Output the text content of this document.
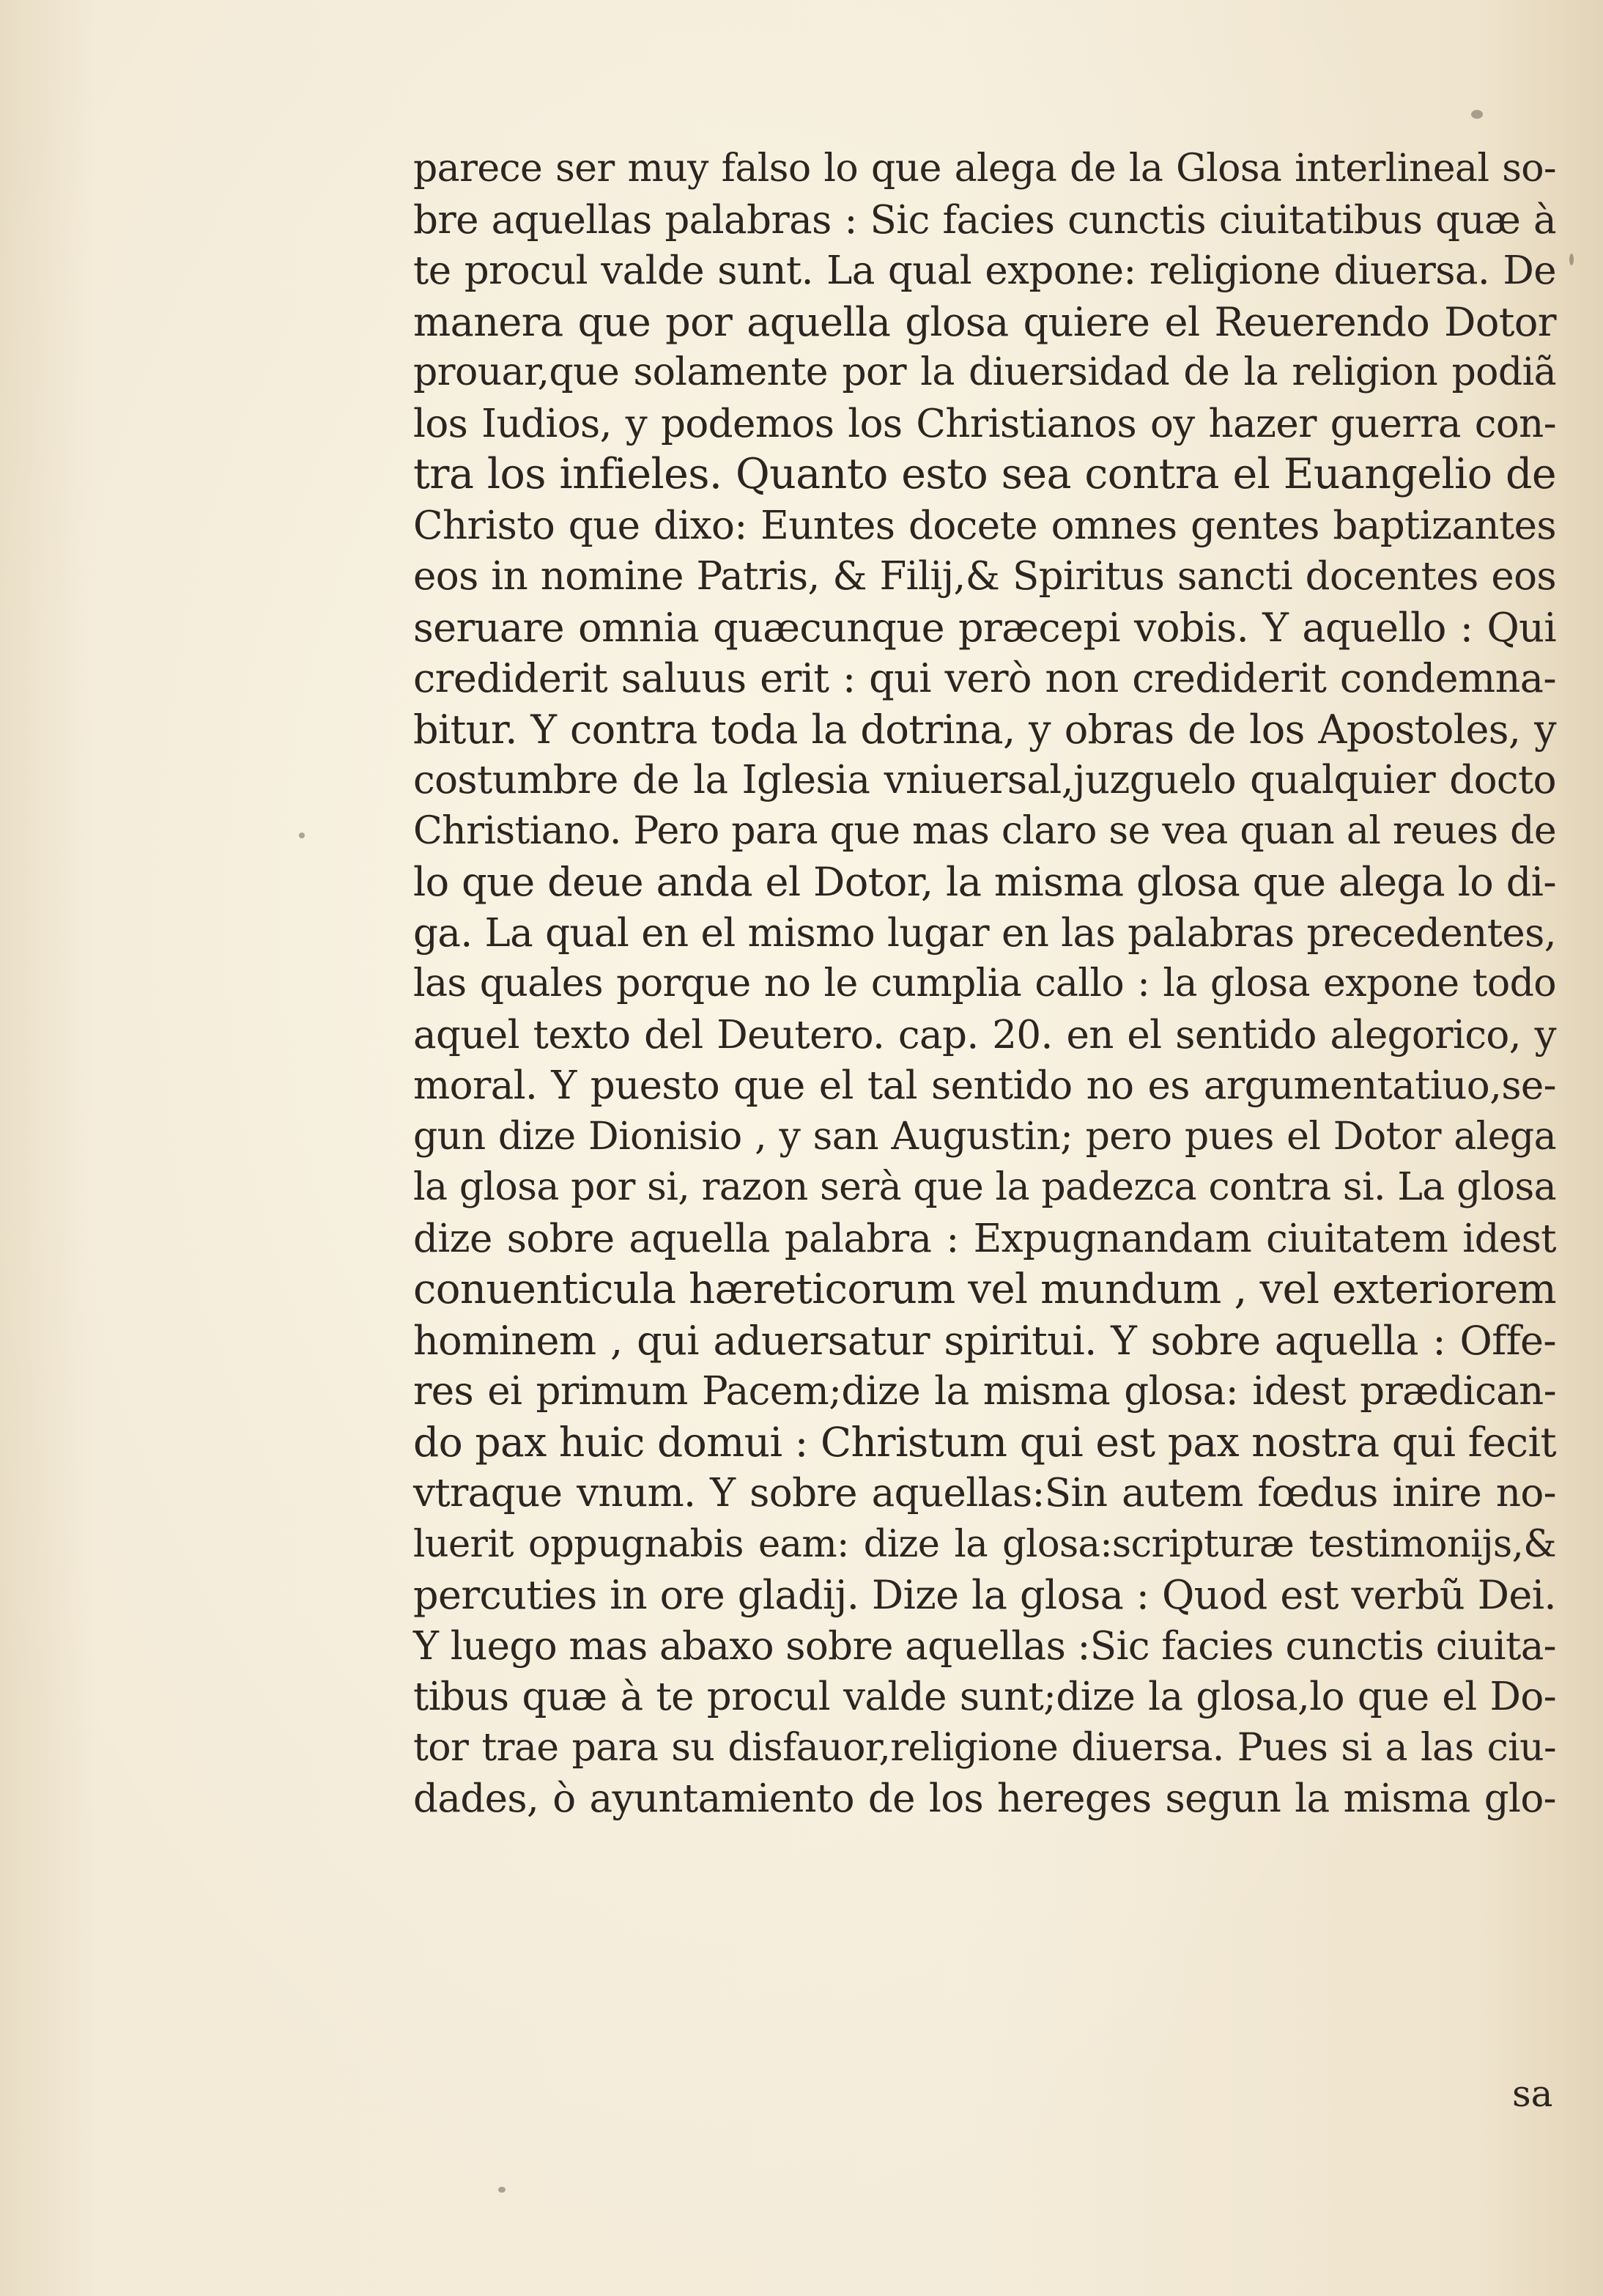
parece ser muy falso lo que alega de la Glosa interlineal so-
bre aquellas palabras : Sic facies cunctis ciuitatibus quæ à
te procul valde sunt. La qual expone: religione diuersa. De
manera que por aquella glosa quiere el Reuerendo Dotor
prouar,que solamente por la diuersidad de la religion podiã
los Iudios, y podemos los Christianos oy hazer guerra con-
tra los infieles. Quanto esto sea contra el Euangelio de
Christo que dixo: Euntes docete omnes gentes baptizantes
eos in nomine Patris, & Filij,& Spiritus sancti docentes eos
seruare omnia quæcunque præcepi vobis. Y aquello : Qui
crediderit saluus erit : qui verò non crediderit condemna-
bitur. Y contra toda la dotrina, y obras de los Apostoles, y
costumbre de la Iglesia vniuersal,juzguelo qualquier docto
Christiano. Pero para que mas claro se vea quan al reues de
lo que deue anda el Dotor, la misma glosa que alega lo di-
ga. La qual en el mismo lugar en las palabras precedentes,
las quales porque no le cumplia callo : la glosa expone todo
aquel texto del Deutero. cap. 20. en el sentido alegorico, y
moral. Y puesto que el tal sentido no es argumentatiuo,se-
gun dize Dionisio , y san Augustin; pero pues el Dotor alega
la glosa por si, razon serà que la padezca contra si. La glosa
dize sobre aquella palabra : Expugnandam ciuitatem idest
conuenticula hæreticorum vel mundum , vel exteriorem
hominem , qui aduersatur spiritui. Y sobre aquella : Offe-
res ei primum Pacem;dize la misma glosa: idest prædican-
do pax huic domui : Christum qui est pax nostra qui fecit
vtraque vnum. Y sobre aquellas:Sin autem fœdus inire no-
luerit oppugnabis eam: dize la glosa:scripturæ testimonijs,&
percuties in ore gladij. Dize la glosa : Quod est verbũ Dei.
Y luego mas abaxo sobre aquellas :Sic facies cunctis ciuita-
tibus quæ à te procul valde sunt;dize la glosa,lo que el Do-
tor trae para su disfauor,religione diuersa. Pues si a las ciu-
dades, ò ayuntamiento de los hereges segun la misma glo-
sa
